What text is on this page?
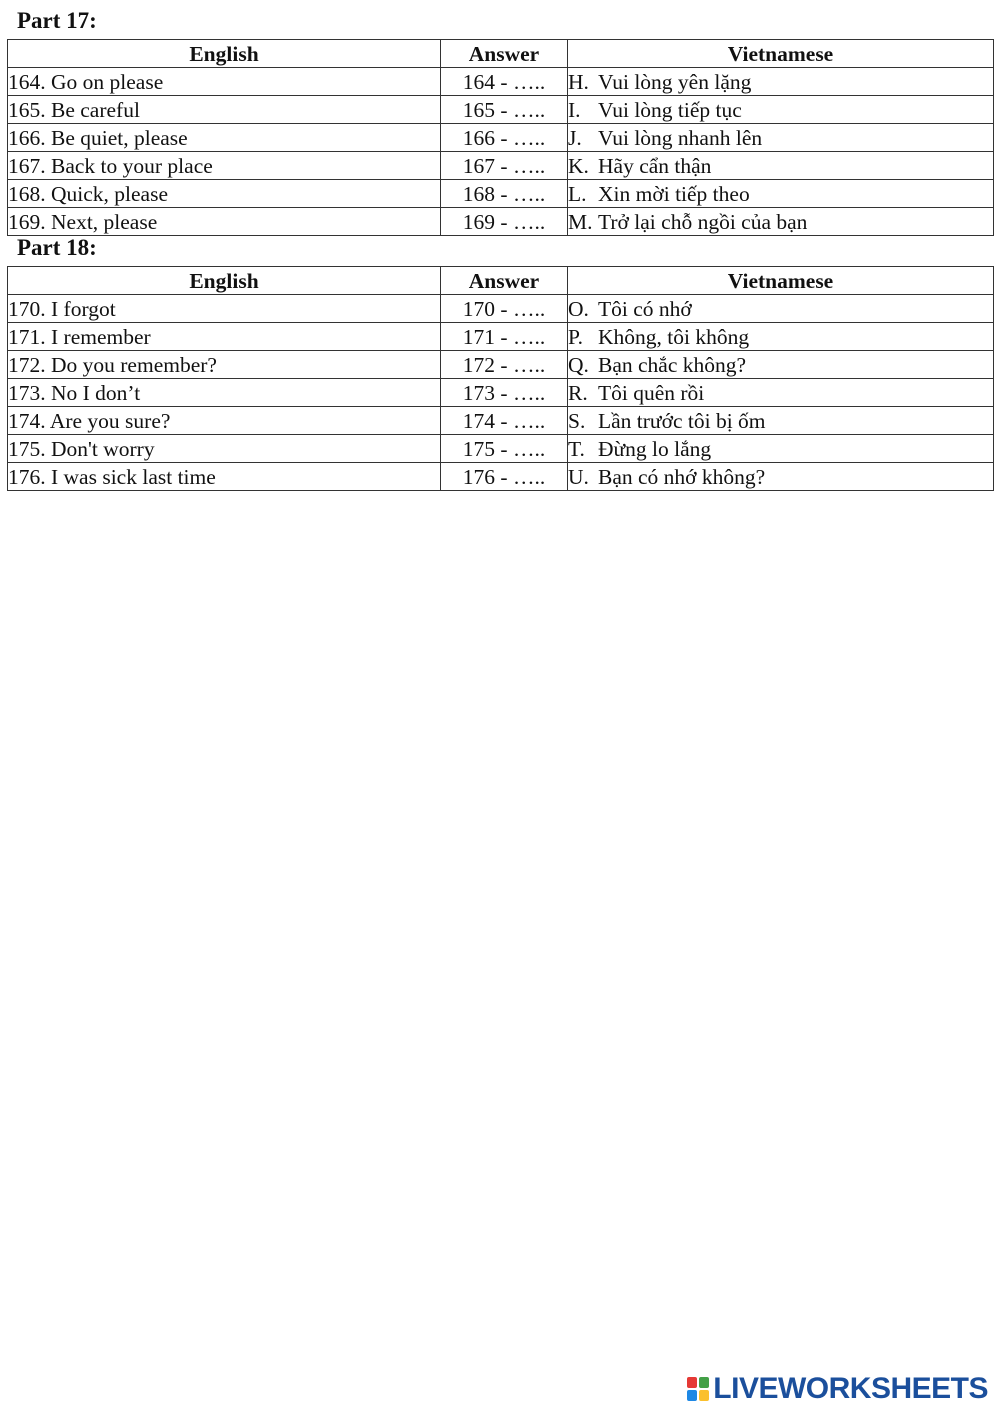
Part 17:
English	Answer	Vietnamese
164. Go on please	164 - …..	H. Vui lòng yên lặng
165. Be careful	165 - …..	I. Vui lòng tiếp tục
166. Be quiet, please	166 - …..	J. Vui lòng nhanh lên
167. Back to your place	167 - …..	K. Hãy cẩn thận
168. Quick, please	168 - …..	L. Xin mời tiếp theo
169. Next, please	169 - …..	M. Trở lại chỗ ngồi của bạn
Part 18:
English	Answer	Vietnamese
170. I forgot	170 - …..	O. Tôi có nhớ
171. I remember	171 - …..	P. Không, tôi không
172. Do you remember?	172 - …..	Q. Bạn chắc không?
173. No I don’t	173 - …..	R. Tôi quên rồi
174. Are you sure?	174 - …..	S. Lần trước tôi bị ốm
175. Don't worry	175 - …..	T. Đừng lo lắng
176. I was sick last time	176 - …..	U. Bạn có nhớ không?
LIVEWORKSHEETS
